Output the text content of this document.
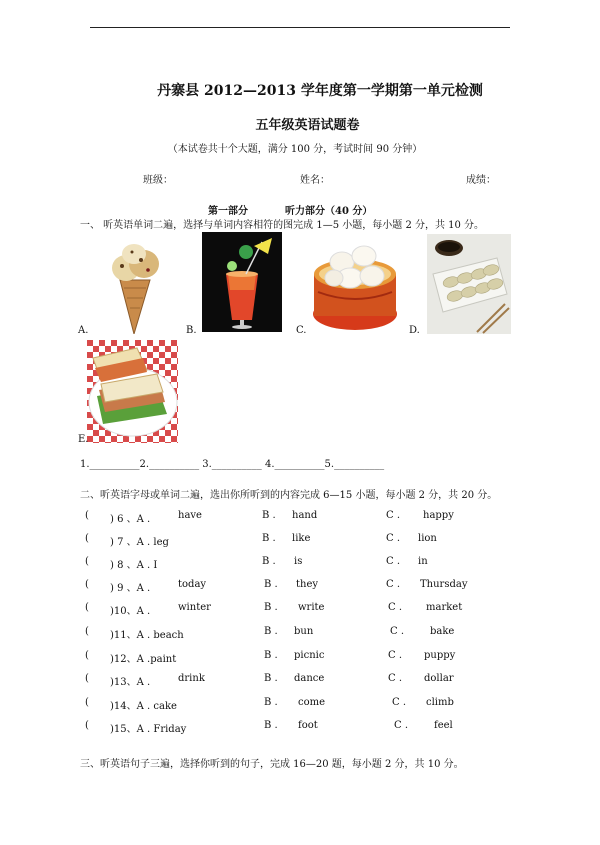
丹寨县 2012—2013 学年度第一学期第一单元检测
五年级英语试题卷
（本试卷共十个大题，满分 100 分，考试时间 90 分钟）
班级：	姓名：	成绩：
第一部分	听力部分（40 分）
一、 听英语单词二遍，选择与单词内容相符的图完成 1—5 小题，每小题 2 分，共 10 分。
A.	B.	C.	D.
E.
1.__________2.__________ 3.__________ 4.__________5.__________
二、听英语字母或单词二遍，选出你所听到的内容完成 6—15 小题，每小题 2 分，共 20 分。
( ) 6 、A .	have	B . hand	C . happy
( ) 7 、A . leg	B . like	C . lion
( ) 8 、A . I	B . is	C . in
( ) 9 、A .	today	B . they	C . Thursday
( )10、A .	winter	B . write	C . market
( )11、A . beach	B . bun	C .	bake
( )12、A .paint	B . picnic	C . puppy
( )13、A .	drink	B . dance	C . dollar
( )14、A . cake	B . come	C . climb
( )15、A . Friday	B . foot	C .	feel
三、听英语句子三遍，选择你听到的句子，完成 16—20 题，每小题 2 分，共 10 分。
